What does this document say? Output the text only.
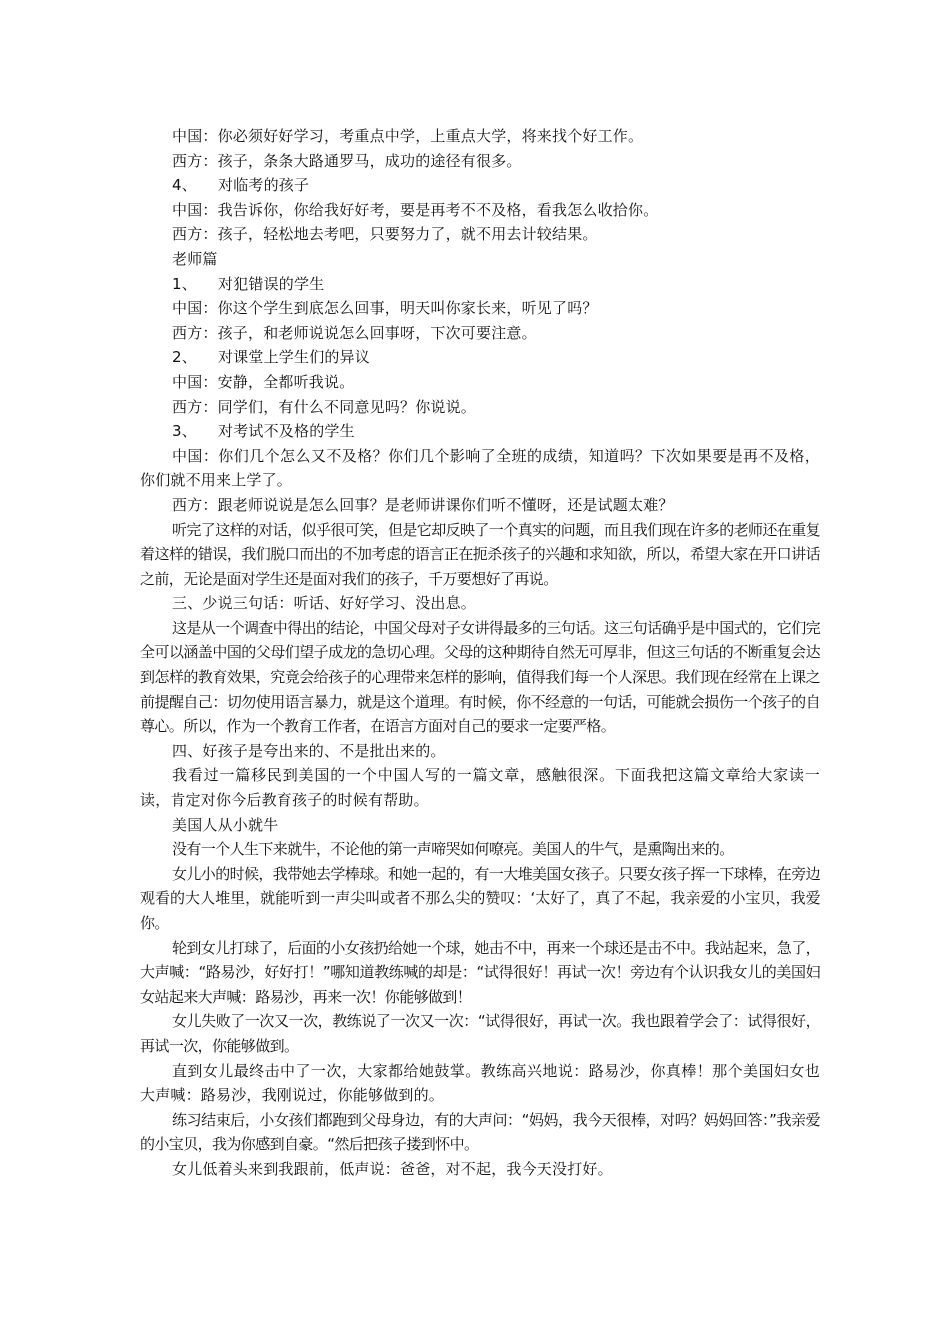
中国：你必须好好学习，考重点中学，上重点大学，将来找个好工作。

西方：孩子，条条大路通罗马，成功的途径有很多。

4、 对临考的孩子

中国：我告诉你，你给我好好考，要是再考不不及格，看我怎么收拾你。

西方：孩子，轻松地去考吧，只要努力了，就不用去计较结果。

老师篇

1、 对犯错误的学生

中国：你这个学生到底怎么回事，明天叫你家长来，听见了吗？

西方：孩子，和老师说说怎么回事呀，下次可要注意。

2、 对课堂上学生们的异议

中国：安静，全都听我说。

西方：同学们，有什么不同意见吗？你说说。

3、 对考试不及格的学生

中国：你们几个怎么又不及格？你们几个影响了全班的成绩，知道吗？下次如果要是再不及格，你们就不用来上学了。

西方：跟老师说说是怎么回事？是老师讲课你们听不懂呀，还是试题太难？

听完了这样的对话，似乎很可笑，但是它却反映了一个真实的问题，而且我们现在许多的老师还在重复着这样的错误，我们脱口而出的不加考虑的语言正在扼杀孩子的兴趣和求知欲，所以，希望大家在开口讲话之前，无论是面对学生还是面对我们的孩子，千万要想好了再说。

三、少说三句话：听话、好好学习、没出息。

这是从一个调查中得出的结论，中国父母对子女讲得最多的三句话。这三句话确乎是中国式的，它们完全可以涵盖中国的父母们望子成龙的急切心理。父母的这种期待自然无可厚非，但这三句话的不断重复会达到怎样的教育效果，究竟会给孩子的心理带来怎样的影响，值得我们每一个人深思。我们现在经常在上课之前提醒自己：切勿使用语言暴力，就是这个道理。有时候，你不经意的一句话，可能就会损伤一个孩子的自尊心。所以，作为一个教育工作者，在语言方面对自己的要求一定要严格。

四、好孩子是夸出来的、不是批出来的。

我看过一篇移民到美国的一个中国人写的一篇文章，感触很深。下面我把这篇文章给大家读一读，肯定对你今后教育孩子的时候有帮助。

美国人从小就牛

没有一个人生下来就牛，不论他的第一声啼哭如何嘹亮。美国人的牛气，是熏陶出来的。

女儿小的时候，我带她去学棒球。和她一起的，有一大堆美国女孩子。只要女孩子挥一下球棒，在旁边观看的大人堆里，就能听到一声尖叫或者不那么尖的赞叹：‘太好了，真了不起，我亲爱的小宝贝，我爱你。

轮到女儿打球了，后面的小女孩扔给她一个球，她击不中，再来一个球还是击不中。我站起来，急了，大声喊：“路易沙，好好打！”哪知道教练喊的却是：“试得很好！再试一次！旁边有个认识我女儿的美国妇女站起来大声喊：路易沙，再来一次！你能够做到！

女儿失败了一次又一次，教练说了一次又一次：“试得很好，再试一次。我也跟着学会了：试得很好，再试一次，你能够做到。

直到女儿最终击中了一次，大家都给她鼓掌。教练高兴地说：路易沙，你真棒！那个美国妇女也大声喊：路易沙，我刚说过，你能够做到的。

练习结束后，小女孩们都跑到父母身边，有的大声问：“妈妈，我今天很棒，对吗？妈妈回答：”我亲爱的小宝贝，我为你感到自豪。“然后把孩子搂到怀中。

女儿低着头来到我跟前，低声说：爸爸，对不起，我今天没打好。
